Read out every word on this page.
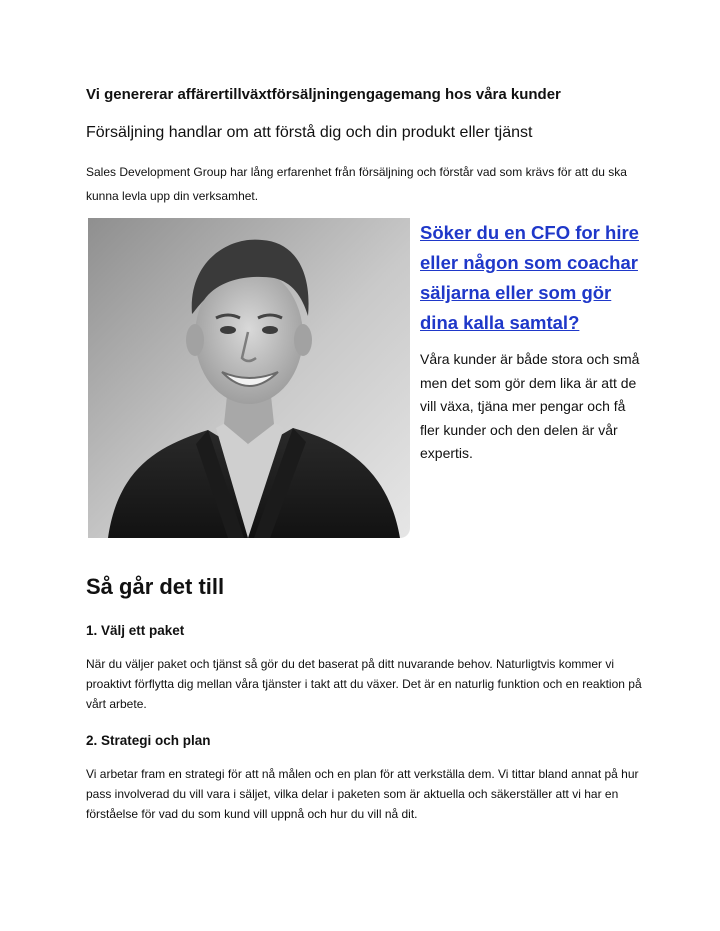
Vi genererar affärertillväxtförsäljningengagemang hos våra kunder
Försäljning handlar om att förstå dig och din produkt eller tjänst
Sales Development Group har lång erfarenhet från försäljning och förstår vad som krävs för att du ska kunna levla upp din verksamhet.
Söker du en CFO for hire eller någon som coachar säljarna eller som gör dina kalla samtal?
Våra kunder är både stora och små men det som gör dem lika är att de vill växa, tjäna mer pengar och få fler kunder och den delen är vår expertis.
Så går det till
1. Välj ett paket
När du väljer paket och tjänst så gör du det baserat på ditt nuvarande behov. Naturligtvis kommer vi proaktivt förflytta dig mellan våra tjänster i takt att du växer. Det är en naturlig funktion och en reaktion på vårt arbete.
2. Strategi och plan
Vi arbetar fram en strategi för att nå målen och en plan för att verkställa dem. Vi tittar bland annat på hur pass involverad du vill vara i säljet, vilka delar i paketen som är aktuella och säkerställer att vi har en förståelse för vad du som kund vill uppnå och hur du vill nå dit.
